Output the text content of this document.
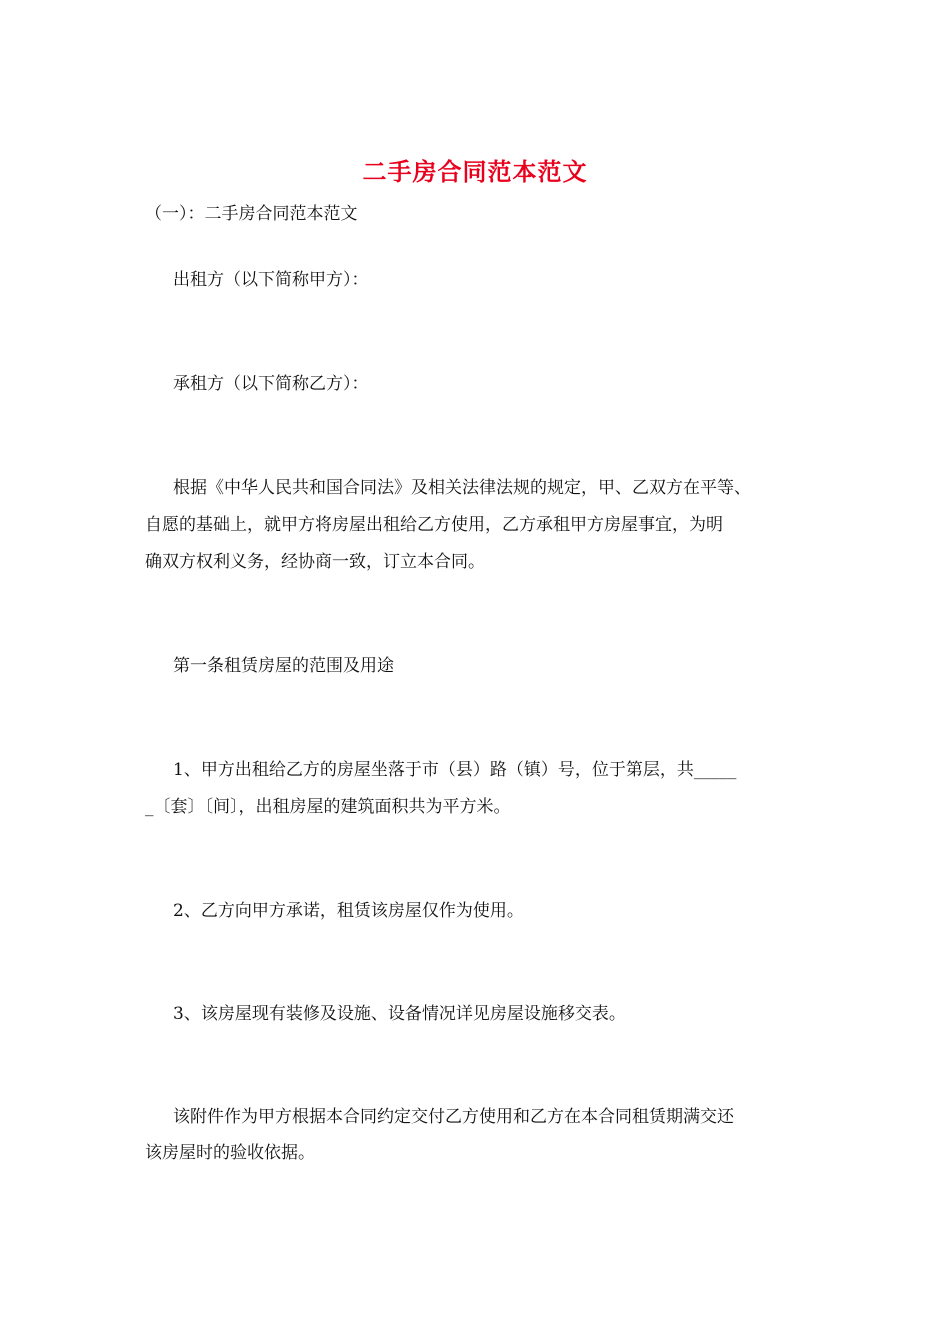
二手房合同范本范文
（一）：二手房合同范本范文
出租方（以下简称甲方）：
承租方（以下简称乙方）：
根据《中华人民共和国合同法》及相关法律法规的规定，甲、乙双方在平等、
自愿的基础上，就甲方将房屋出租给乙方使用，乙方承租甲方房屋事宜，为明
确双方权利义务，经协商一致，订立本合同。
第一条租赁房屋的范围及用途
1、甲方出租给乙方的房屋坐落于市（县）路（镇）号，位于第层，共_____
_〔套〕〔间〕，出租房屋的建筑面积共为平方米。
2、乙方向甲方承诺，租赁该房屋仅作为使用。
3、该房屋现有装修及设施、设备情况详见房屋设施移交表。
该附件作为甲方根据本合同约定交付乙方使用和乙方在本合同租赁期满交还
该房屋时的验收依据。
